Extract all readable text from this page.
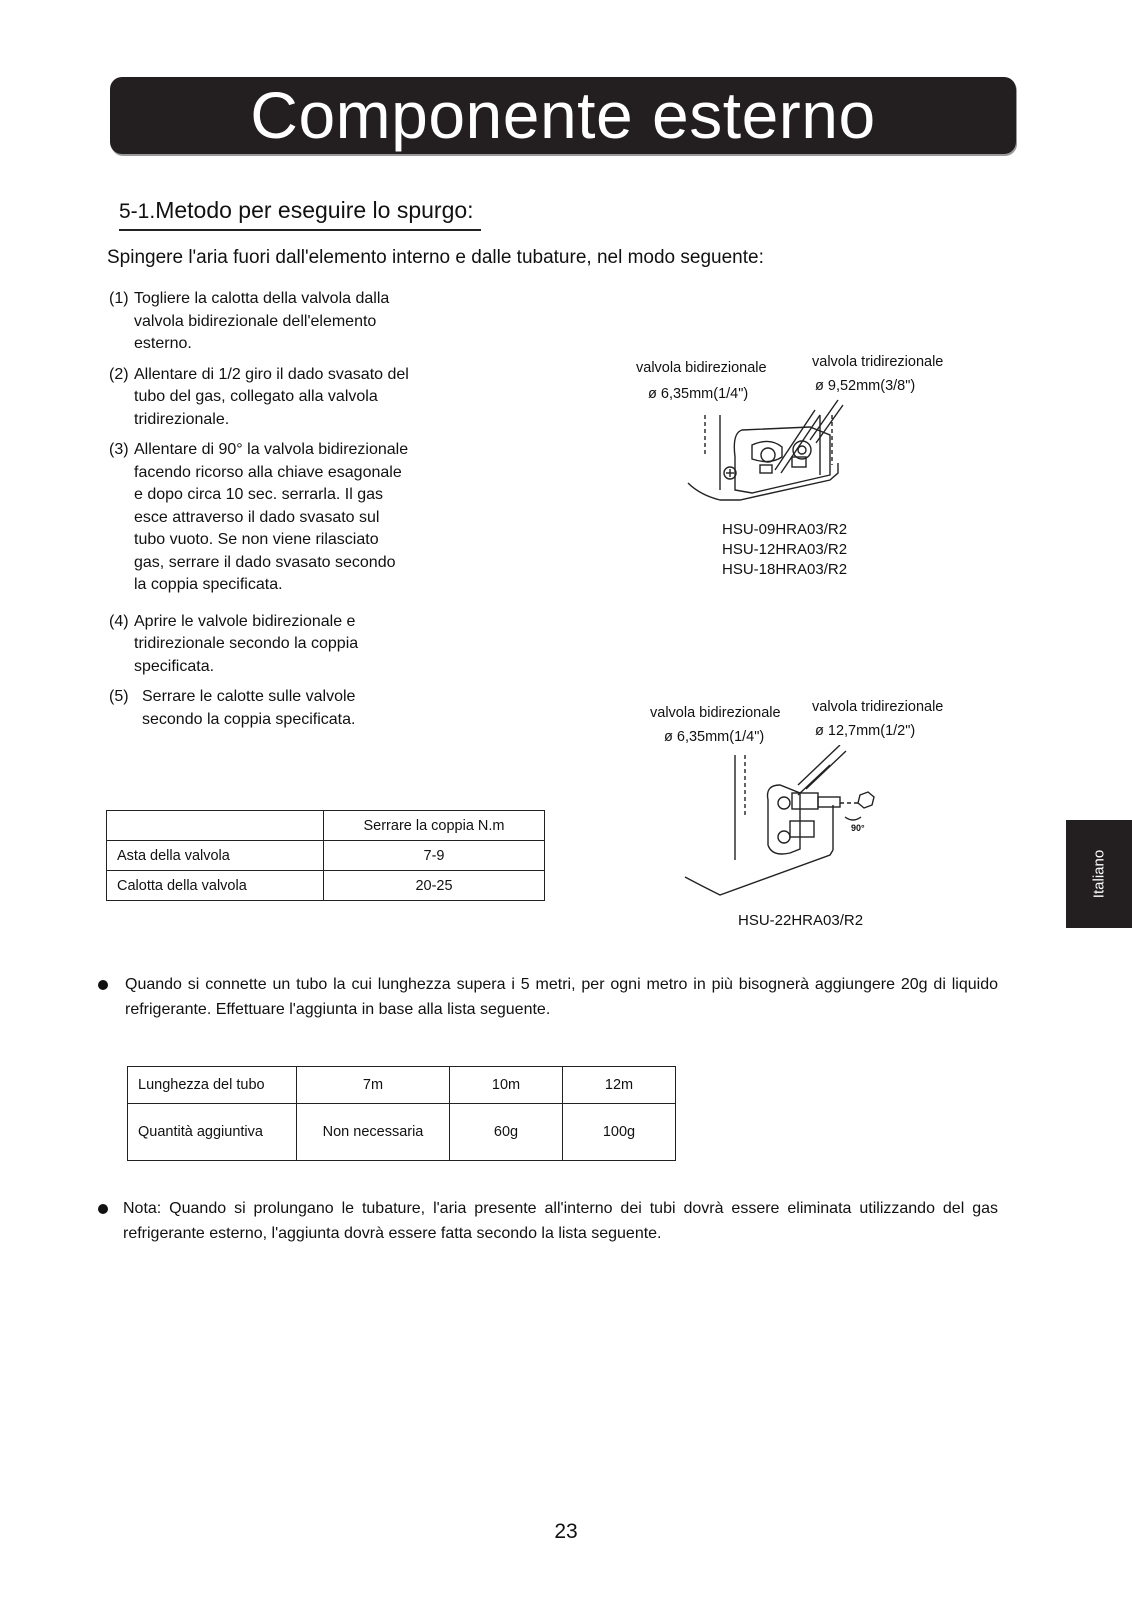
Componente esterno
5-1.Metodo per eseguire lo spurgo:
Spingere l'aria fuori dall'elemento interno e dalle tubature, nel modo seguente:
(1) Togliere la calotta della valvola dalla valvola bidirezionale dell'elemento esterno.
(2) Allentare di 1/2 giro il dado svasato del tubo del gas, collegato alla valvola tridirezionale.
(3) Allentare di 90° la valvola bidirezionale facendo ricorso alla chiave esagonale e dopo circa 10 sec. serrarla. Il gas esce attraverso il dado svasato sul tubo vuoto. Se non viene rilasciato gas, serrare il dado svasato secondo la coppia specificata.
(4) Aprire le valvole bidirezionale e tridirezionale secondo la coppia specificata.
(5) Serrare le calotte sulle valvole secondo la coppia specificata.
	Serrare la coppia N.m
Asta della valvola	7-9
Calotta della valvola	20-25
valvola bidirezionale
ø 6,35mm(1/4")
valvola tridirezionale
ø 9,52mm(3/8")
HSU-09HRA03/R2
HSU-12HRA03/R2
HSU-18HRA03/R2
valvola bidirezionale
ø 6,35mm(1/4")
valvola tridirezionale
ø 12,7mm(1/2")
90°
HSU-22HRA03/R2
Quando si connette un tubo la cui lunghezza supera i 5 metri, per ogni metro in più bisognerà aggiungere 20g di liquido refrigerante. Effettuare l'aggiunta in base alla lista seguente.
Lunghezza del tubo	7m	10m	12m
Quantità aggiuntiva	Non necessaria	60g	100g
Nota: Quando si prolungano le tubature, l'aria presente all'interno dei tubi dovrà essere eliminata utilizzando del gas refrigerante esterno, l'aggiunta dovrà essere fatta secondo la lista seguente.
Italiano
23
